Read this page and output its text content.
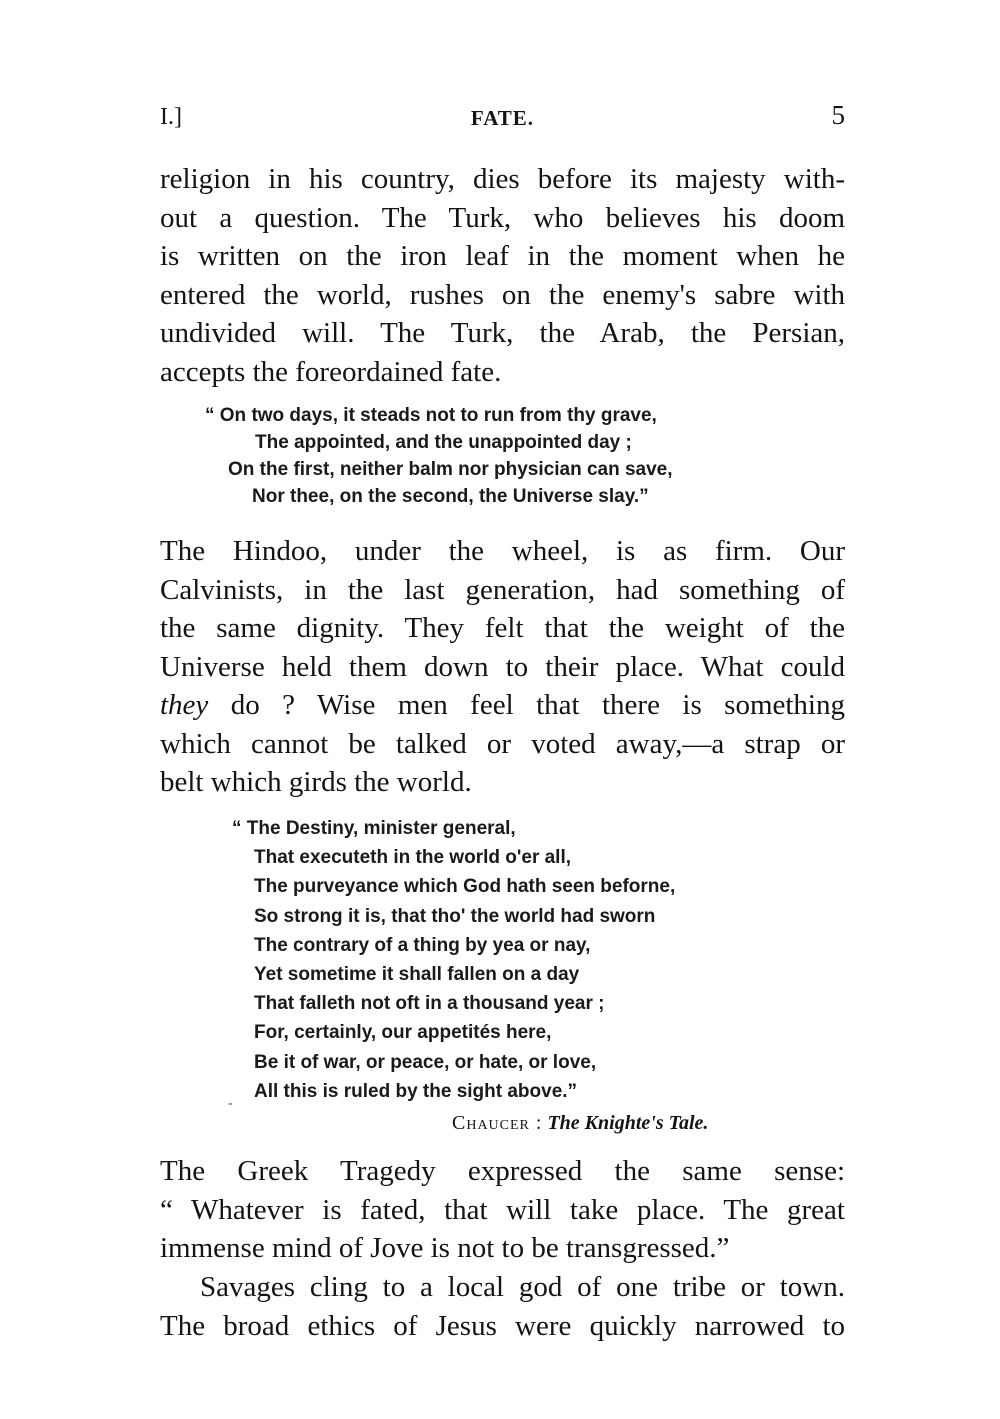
I.]	FATE.	5
religion in his country, dies before its majesty with-
out a question. The Turk, who believes his doom
is written on the iron leaf in the moment when he
entered the world, rushes on the enemy's sabre with
undivided will. The Turk, the Arab, the Persian,
accepts the foreordained fate.
“ On two days, it steads not to run from thy grave,
The appointed, and the unappointed day ;
On the first, neither balm nor physician can save,
Nor thee, on the second, the Universe slay.”
The Hindoo, under the wheel, is as firm. Our
Calvinists, in the last generation, had something of
the same dignity. They felt that the weight of the
Universe held them down to their place. What could
they do ? Wise men feel that there is something
which cannot be talked or voted away,—a strap or
belt which girds the world.
“ The Destiny, minister general,
That executeth in the world o'er all,
The purveyance which God hath seen beforne,
So strong it is, that tho' the world had sworn
The contrary of a thing by yea or nay,
Yet sometime it shall fallen on a day
That falleth not oft in a thousand year ;
For, certainly, our appetités here,
Be it of war, or peace, or hate, or love,
All this is ruled by the sight above.”
‐
Chaucer : The Knighte's Tale.
The Greek Tragedy expressed the same sense:
“ Whatever is fated, that will take place. The great
immense mind of Jove is not to be transgressed.”
Savages cling to a local god of one tribe or town.
The broad ethics of Jesus were quickly narrowed to
